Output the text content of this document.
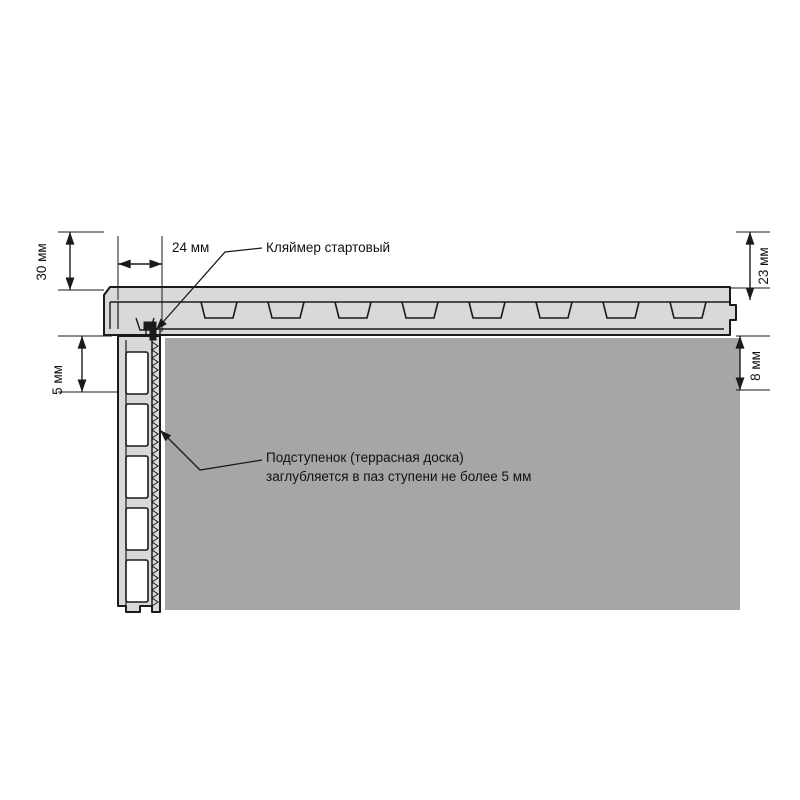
30 мм
5 мм
24 мм	23 мм
8 мм
Кляймер стартовый
Подступенок (террасная доска)
заглубляется в паз ступени не более 5 мм
